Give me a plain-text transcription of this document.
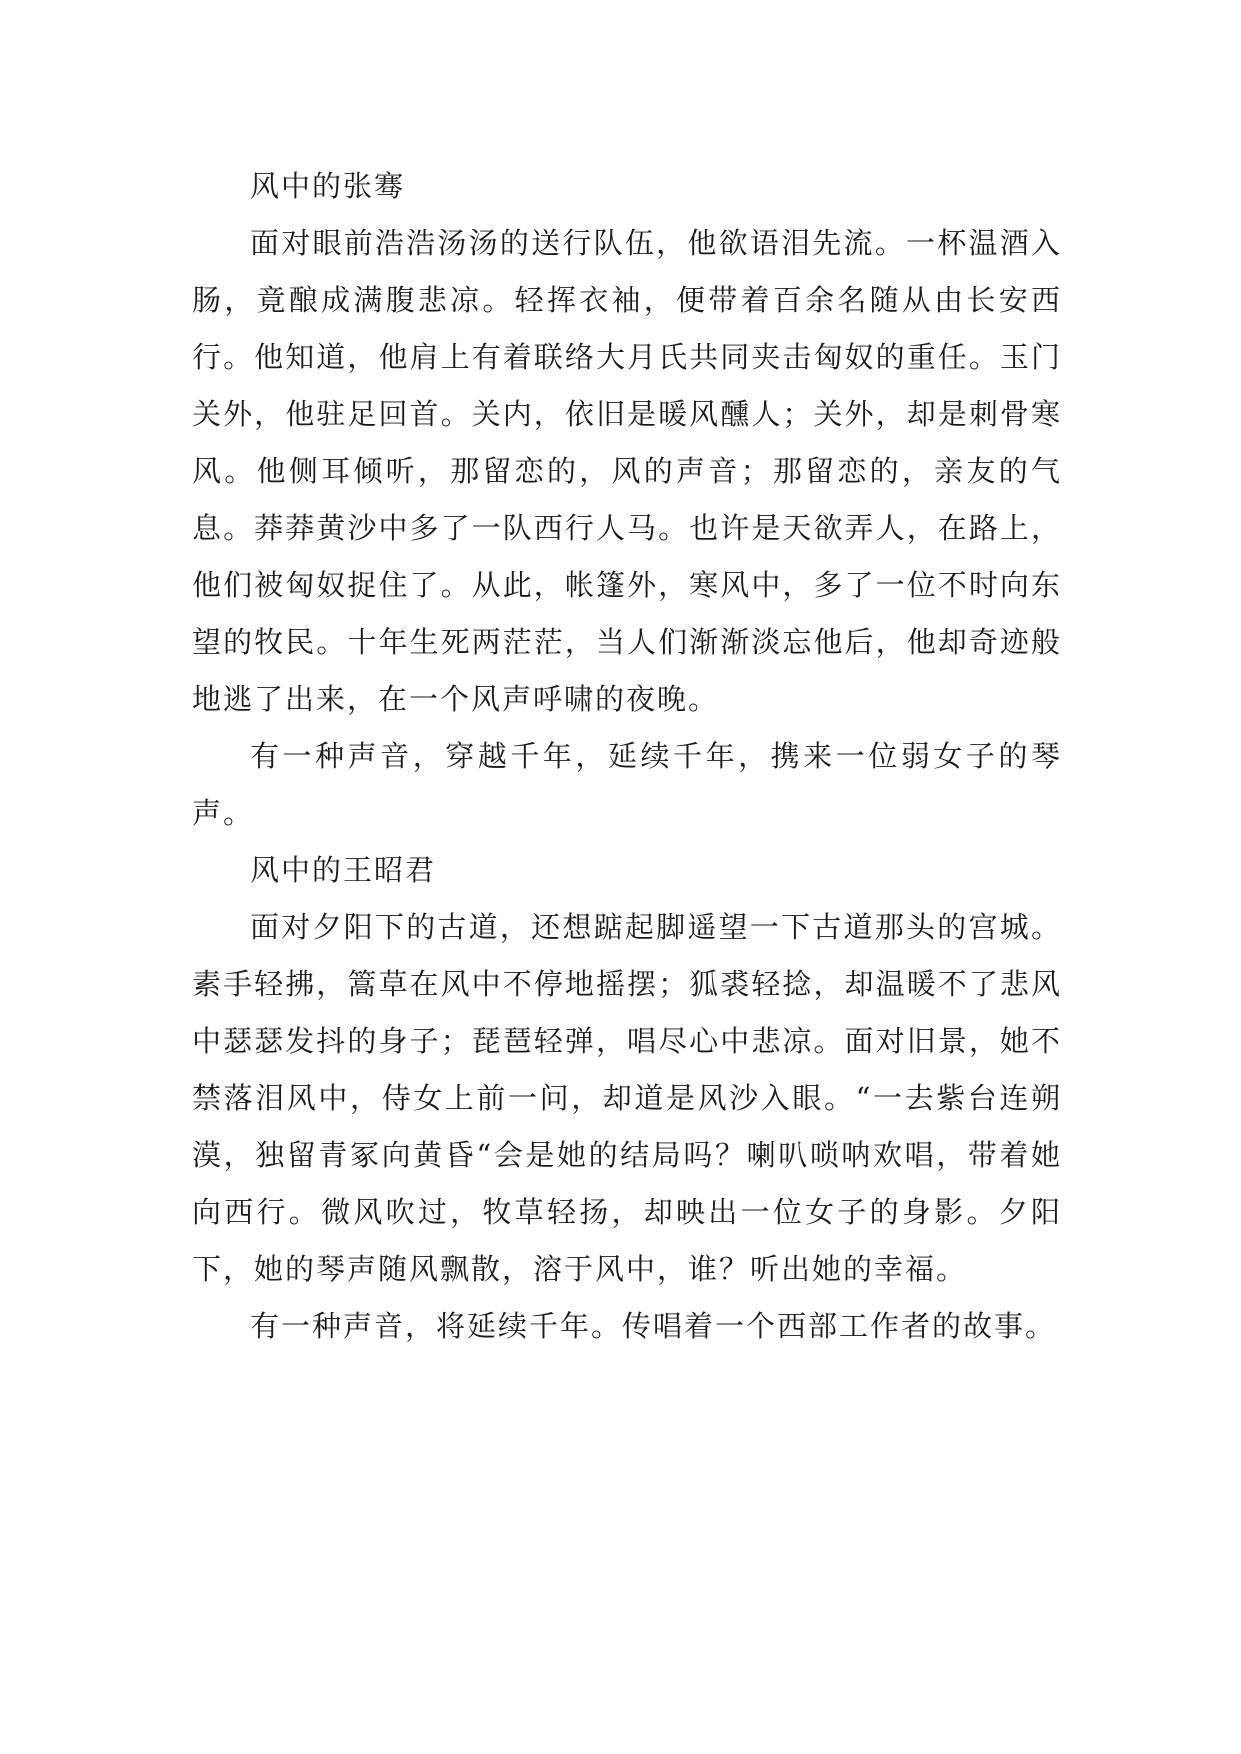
风中的张骞

面对眼前浩浩汤汤的送行队伍，他欲语泪先流。一杯温酒入肠，竟酿成满腹悲凉。轻挥衣袖，便带着百余名随从由长安西行。他知道，他肩上有着联络大月氏共同夹击匈奴的重任。玉门关外，他驻足回首。关内，依旧是暖风醺人；关外，却是刺骨寒风。他侧耳倾听，那留恋的，风的声音；那留恋的，亲友的气息。莽莽黄沙中多了一队西行人马。也许是天欲弄人，在路上，他们被匈奴捉住了。从此，帐篷外，寒风中，多了一位不时向东望的牧民。十年生死两茫茫，当人们渐渐淡忘他后，他却奇迹般地逃了出来，在一个风声呼啸的夜晚。

有一种声音，穿越千年，延续千年，携来一位弱女子的琴声。

风中的王昭君

面对夕阳下的古道，还想踮起脚遥望一下古道那头的宫城。素手轻拂，篙草在风中不停地摇摆；狐裘轻捻，却温暖不了悲风中瑟瑟发抖的身子；琵琶轻弹，唱尽心中悲凉。面对旧景，她不禁落泪风中，侍女上前一问，却道是风沙入眼。“一去紫台连朔漠，独留青冢向黄昏“会是她的结局吗？喇叭唢呐欢唱，带着她向西行。微风吹过，牧草轻扬，却映出一位女子的身影。夕阳下，她的琴声随风飘散，溶于风中，谁？听出她的幸福。

有一种声音，将延续千年。传唱着一个西部工作者的故事。
